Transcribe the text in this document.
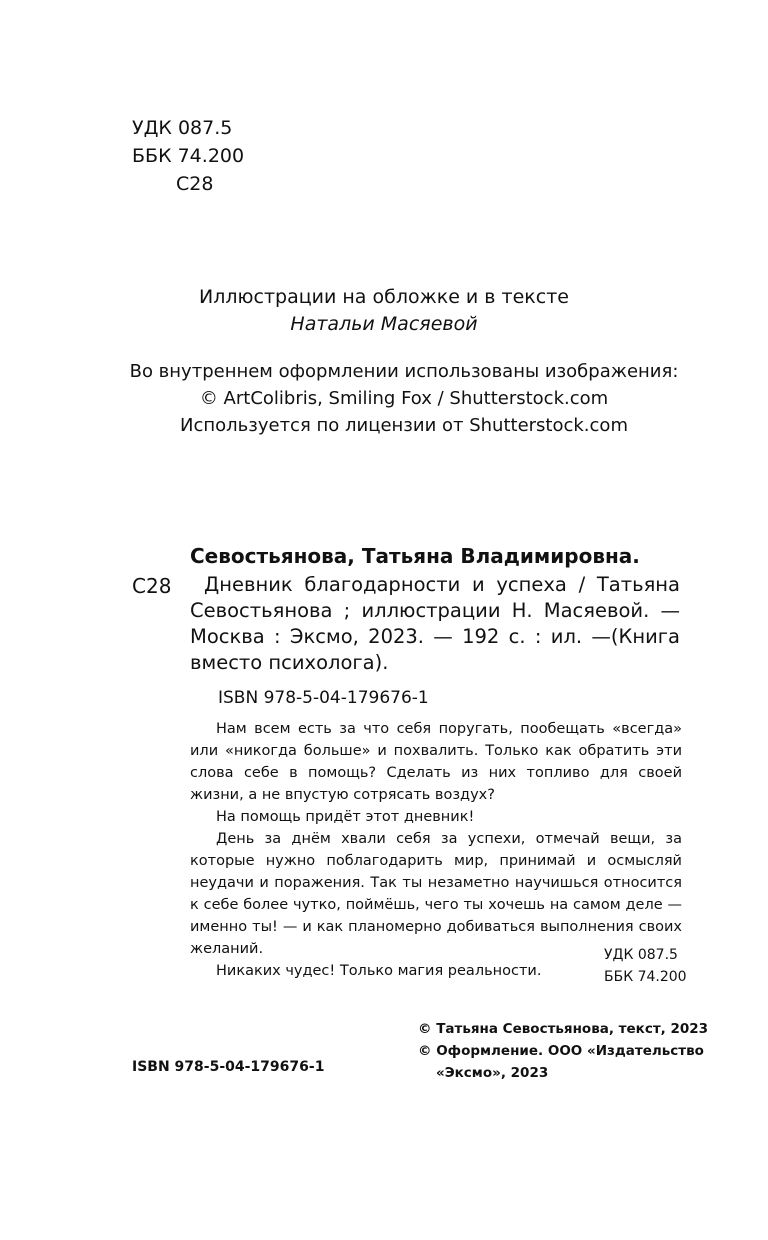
УДК 087.5
ББК 74.200
С28
Иллюстрации на обложке и в тексте
Натальи Масяевой
Во внутреннем оформлении использованы изображения:
© ArtColibris, Smiling Fox / Shutterstock.com
Используется по лицензии от Shutterstock.com
Севостьянова, Татьяна Владимировна.
С28	Дневник благодарности и успеха / Татьяна Севостьянова ; иллюстрации Н. Масяевой. — Москва : Эксмо, 2023. — 192 с. : ил. —(Книга вместо психолога).
ISBN 978-5-04-179676-1

Нам всем есть за что себя поругать, пообещать «всегда» или «никогда больше» и похвалить. Только как обратить эти слова себе в помощь? Сделать из них топливо для своей жизни, а не впустую сотрясать воздух?

На помощь придёт этот дневник!

День за днём хвали себя за успехи, отмечай вещи, за которые нужно поблагодарить мир, принимай и осмысляй неудачи и поражения. Так ты незаметно научишься относится к себе более чутко, поймёшь, чего ты хочешь на самом деле — именно ты! — и как планомерно добиваться выполнения своих желаний.

Никаких чудес! Только магия реальности.

УДК 087.5
ББК 74.200
© Татьяна Севостьянова, текст, 2023
© Оформление. ООО «Издательство
«Эксмо», 2023
ISBN 978-5-04-179676-1
